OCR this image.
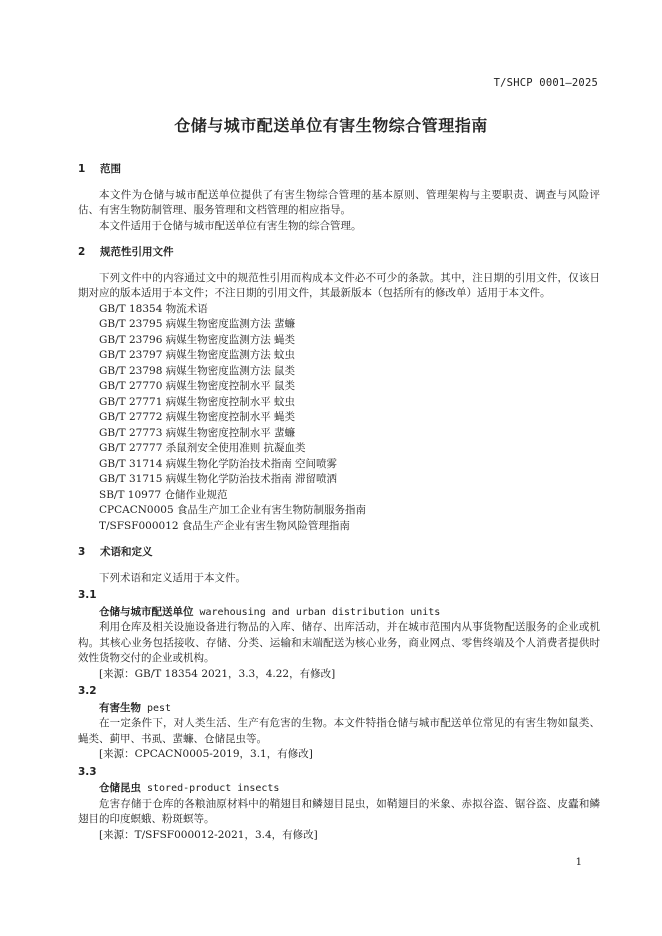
T/SHCP 0001—2025
仓储与城市配送单位有害生物综合管理指南
1 范围

本文件为仓储与城市配送单位提供了有害生物综合管理的基本原则、管理架构与主要职责、调查与风险评估、有害生物防制管理、服务管理和文档管理的相应指导。

本文件适用于仓储与城市配送单位有害生物的综合管理。

2 规范性引用文件

下列文件中的内容通过文中的规范性引用而构成本文件必不可少的条款。其中，注日期的引用文件，仅该日期对应的版本适用于本文件；不注日期的引用文件，其最新版本（包括所有的修改单）适用于本文件。

GB/T 18354 物流术语
GB/T 23795 病媒生物密度监测方法 蜚蠊
GB/T 23796 病媒生物密度监测方法 蝇类
GB/T 23797 病媒生物密度监测方法 蚊虫
GB/T 23798 病媒生物密度监测方法 鼠类
GB/T 27770 病媒生物密度控制水平 鼠类
GB/T 27771 病媒生物密度控制水平 蚊虫
GB/T 27772 病媒生物密度控制水平 蝇类
GB/T 27773 病媒生物密度控制水平 蜚蠊
GB/T 27777 杀鼠剂安全使用准则 抗凝血类
GB/T 31714 病媒生物化学防治技术指南 空间喷雾
GB/T 31715 病媒生物化学防治技术指南 滞留喷洒
SB/T 10977 仓储作业规范
CPCACN0005 食品生产加工企业有害生物防制服务指南
T/SFSF000012 食品生产企业有害生物风险管理指南
3 术语和定义

下列术语和定义适用于本文件。

3.1

仓储与城市配送单位 warehousing and urban distribution units

利用仓库及相关设施设备进行物品的入库、储存、出库活动，并在城市范围内从事货物配送服务的企业或机构。其核心业务包括接收、存储、分类、运输和末端配送为核心业务，商业网点、零售终端及个人消费者提供时效性货物交付的企业或机构。

[来源：GB/T 18354 2021，3.3，4.22，有修改]

3.2

有害生物 pest

在一定条件下，对人类生活、生产有危害的生物。本文件特指仓储与城市配送单位常见的有害生物如鼠类、蝇类、蓟甲、书虱、蜚蠊、仓储昆虫等。

[来源：CPCACN0005-2019，3.1，有修改]

3.3

仓储昆虫 stored-product insects

危害存储于仓库的各粮油原材料中的鞘翅目和鳞翅目昆虫，如鞘翅目的米象、赤拟谷盗、锯谷盗、皮蠹和鳞翅目的印度螟蛾、粉斑螟等。

[来源：T/SFSF000012-2021，3.4，有修改]

1
